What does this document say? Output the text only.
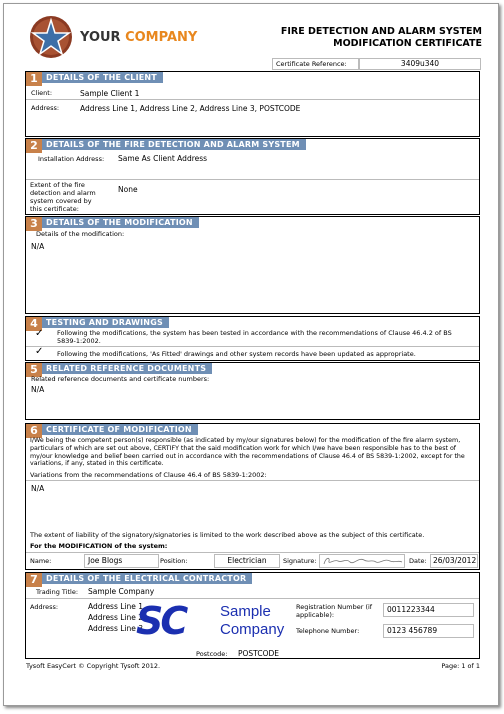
YOUR COMPANY	FIRE DETECTION AND ALARM SYSTEM
MODIFICATION CERTIFICATE
Certificate Reference:	3409u340
1	DETAILS OF THE CLIENT
Client:	Sample Client 1
Address:	Address Line 1, Address Line 2, Address Line 3, POSTCODE
2	DETAILS OF THE FIRE DETECTION AND ALARM SYSTEM
Installation Address: Same As Client Address
Extent of the fire detection and alarm system covered by this certificate:
None
3	DETAILS OF THE MODIFICATION
Details of the modification:
N/A
4	TESTING AND DRAWINGS
✓ Following the modifications, the system has been tested in accordance with the recommendations of Clause 46.4.2 of BS 5839-1:2002.
✓ Following the modifications, 'As Fitted' drawings and other system records have been updated as appropriate.
5	RELATED REFERENCE DOCUMENTS
Related reference documents and certificate numbers:
N/A
6	CERTIFICATE OF MODIFICATION
I/We being the competent person(s) responsible (as indicated by my/our signatures below) for the modification of the fire alarm system, particulars of which are set out above, CERTIFY that the said modification work for which I/we have been responsible has to the best of my/our knowledge and belief been carried out in accordance with the recommendations of Clause 46.4 of BS 5839-1:2002, except for the variations, if any, stated in this certificate.
Variations from the recommendations of Clause 46.4 of BS 5839-1:2002:
N/A
The extent of liability of the signatory/signatories is limited to the work described above as the subject of this certificate.
For the MODIFICATION of the system:
Name:	Joe Blogs	Position:	Electrician	Signature:	Date: 26/03/2012
7	DETAILS OF THE ELECTRICAL CONTRACTOR
Trading Title: Sample Company
Address:	Address Line 1
Address Line 2
Address Line 3
SC Sample
Company
Postcode: POSTCODE
Registration Number (if applicable):
0011223344
Telephone Number:	0123 456789
Tysoft EasyCert © Copyright Tysoft 2012.	Page: 1 of 1
